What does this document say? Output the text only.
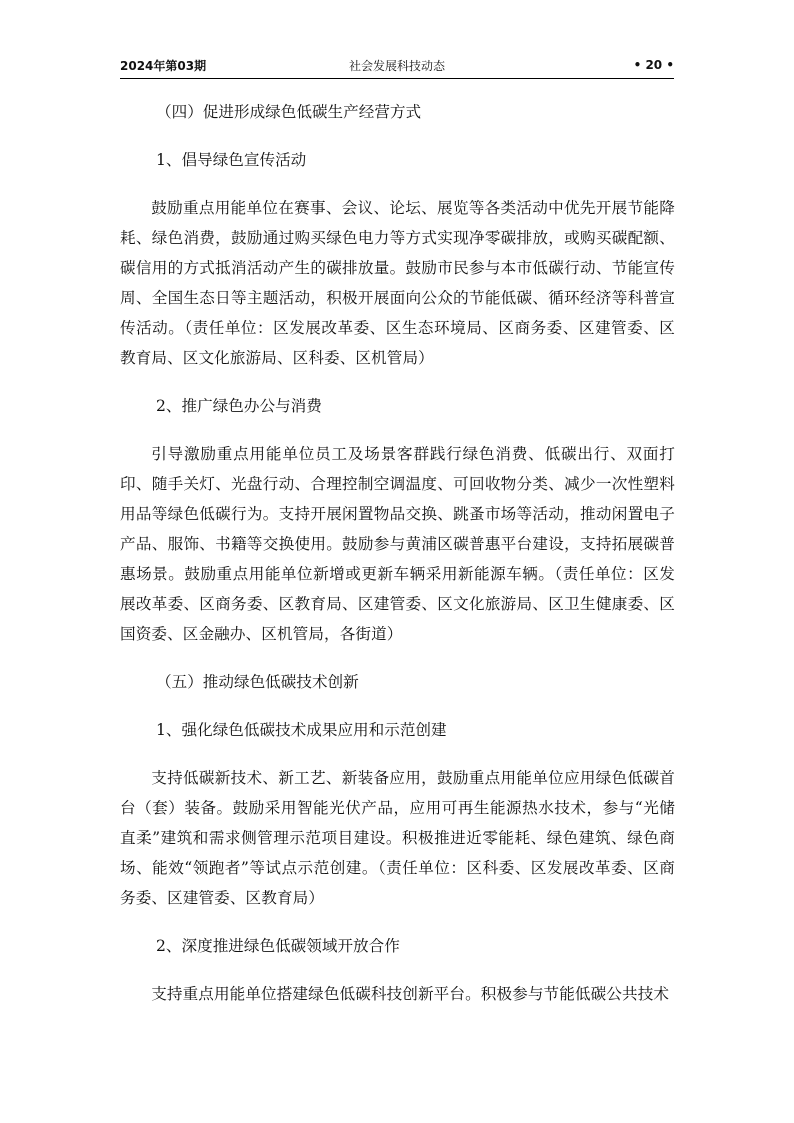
2024年第03期	社会发展科技动态	• 20 •
（四）促进形成绿色低碳生产经营方式
1、倡导绿色宣传活动
鼓励重点用能单位在赛事、会议、论坛、展览等各类活动中优先开展节能降耗、绿色消费，鼓励通过购买绿色电力等方式实现净零碳排放，或购买碳配额、碳信用的方式抵消活动产生的碳排放量。鼓励市民参与本市低碳行动、节能宣传周、全国生态日等主题活动，积极开展面向公众的节能低碳、循环经济等科普宣传活动。（责任单位：区发展改革委、区生态环境局、区商务委、区建管委、区教育局、区文化旅游局、区科委、区机管局）
2、推广绿色办公与消费
引导激励重点用能单位员工及场景客群践行绿色消费、低碳出行、双面打印、随手关灯、光盘行动、合理控制空调温度、可回收物分类、减少一次性塑料用品等绿色低碳行为。支持开展闲置物品交换、跳蚤市场等活动，推动闲置电子产品、服饰、书籍等交换使用。鼓励参与黄浦区碳普惠平台建设，支持拓展碳普惠场景。鼓励重点用能单位新增或更新车辆采用新能源车辆。（责任单位：区发展改革委、区商务委、区教育局、区建管委、区文化旅游局、区卫生健康委、区国资委、区金融办、区机管局，各街道）
（五）推动绿色低碳技术创新
1、强化绿色低碳技术成果应用和示范创建
支持低碳新技术、新工艺、新装备应用，鼓励重点用能单位应用绿色低碳首台（套）装备。鼓励采用智能光伏产品，应用可再生能源热水技术，参与“光储直柔”建筑和需求侧管理示范项目建设。积极推进近零能耗、绿色建筑、绿色商场、能效“领跑者”等试点示范创建。（责任单位：区科委、区发展改革委、区商务委、区建管委、区教育局）
2、深度推进绿色低碳领域开放合作
支持重点用能单位搭建绿色低碳科技创新平台。积极参与节能低碳公共技术
